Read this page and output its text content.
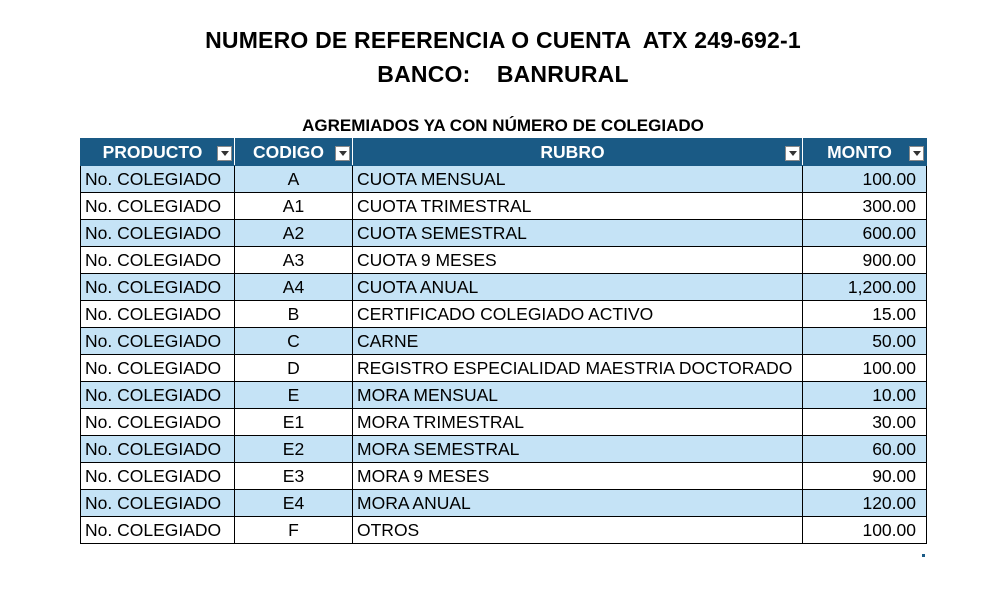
NUMERO DE REFERENCIA O CUENTA  ATX 249-692-1
BANCO:    BANRURAL
AGREMIADOS YA CON NÚMERO DE COLEGIADO
PRODUCTO	CODIGO	RUBRO	MONTO

No. COLEGIADO	A	CUOTA MENSUAL	100.00
No. COLEGIADO	A1	CUOTA TRIMESTRAL	300.00
No. COLEGIADO	A2	CUOTA SEMESTRAL	600.00
No. COLEGIADO	A3	CUOTA 9 MESES	900.00
No. COLEGIADO	A4	CUOTA ANUAL	1,200.00
No. COLEGIADO	B	CERTIFICADO COLEGIADO ACTIVO	15.00
No. COLEGIADO	C	CARNE	50.00
No. COLEGIADO	D	REGISTRO ESPECIALIDAD MAESTRIA DOCTORADO	100.00
No. COLEGIADO	E	MORA MENSUAL	10.00
No. COLEGIADO	E1	MORA TRIMESTRAL	30.00
No. COLEGIADO	E2	MORA SEMESTRAL	60.00
No. COLEGIADO	E3	MORA 9 MESES	90.00
No. COLEGIADO	E4	MORA ANUAL	120.00
No. COLEGIADO	F	OTROS	100.00
